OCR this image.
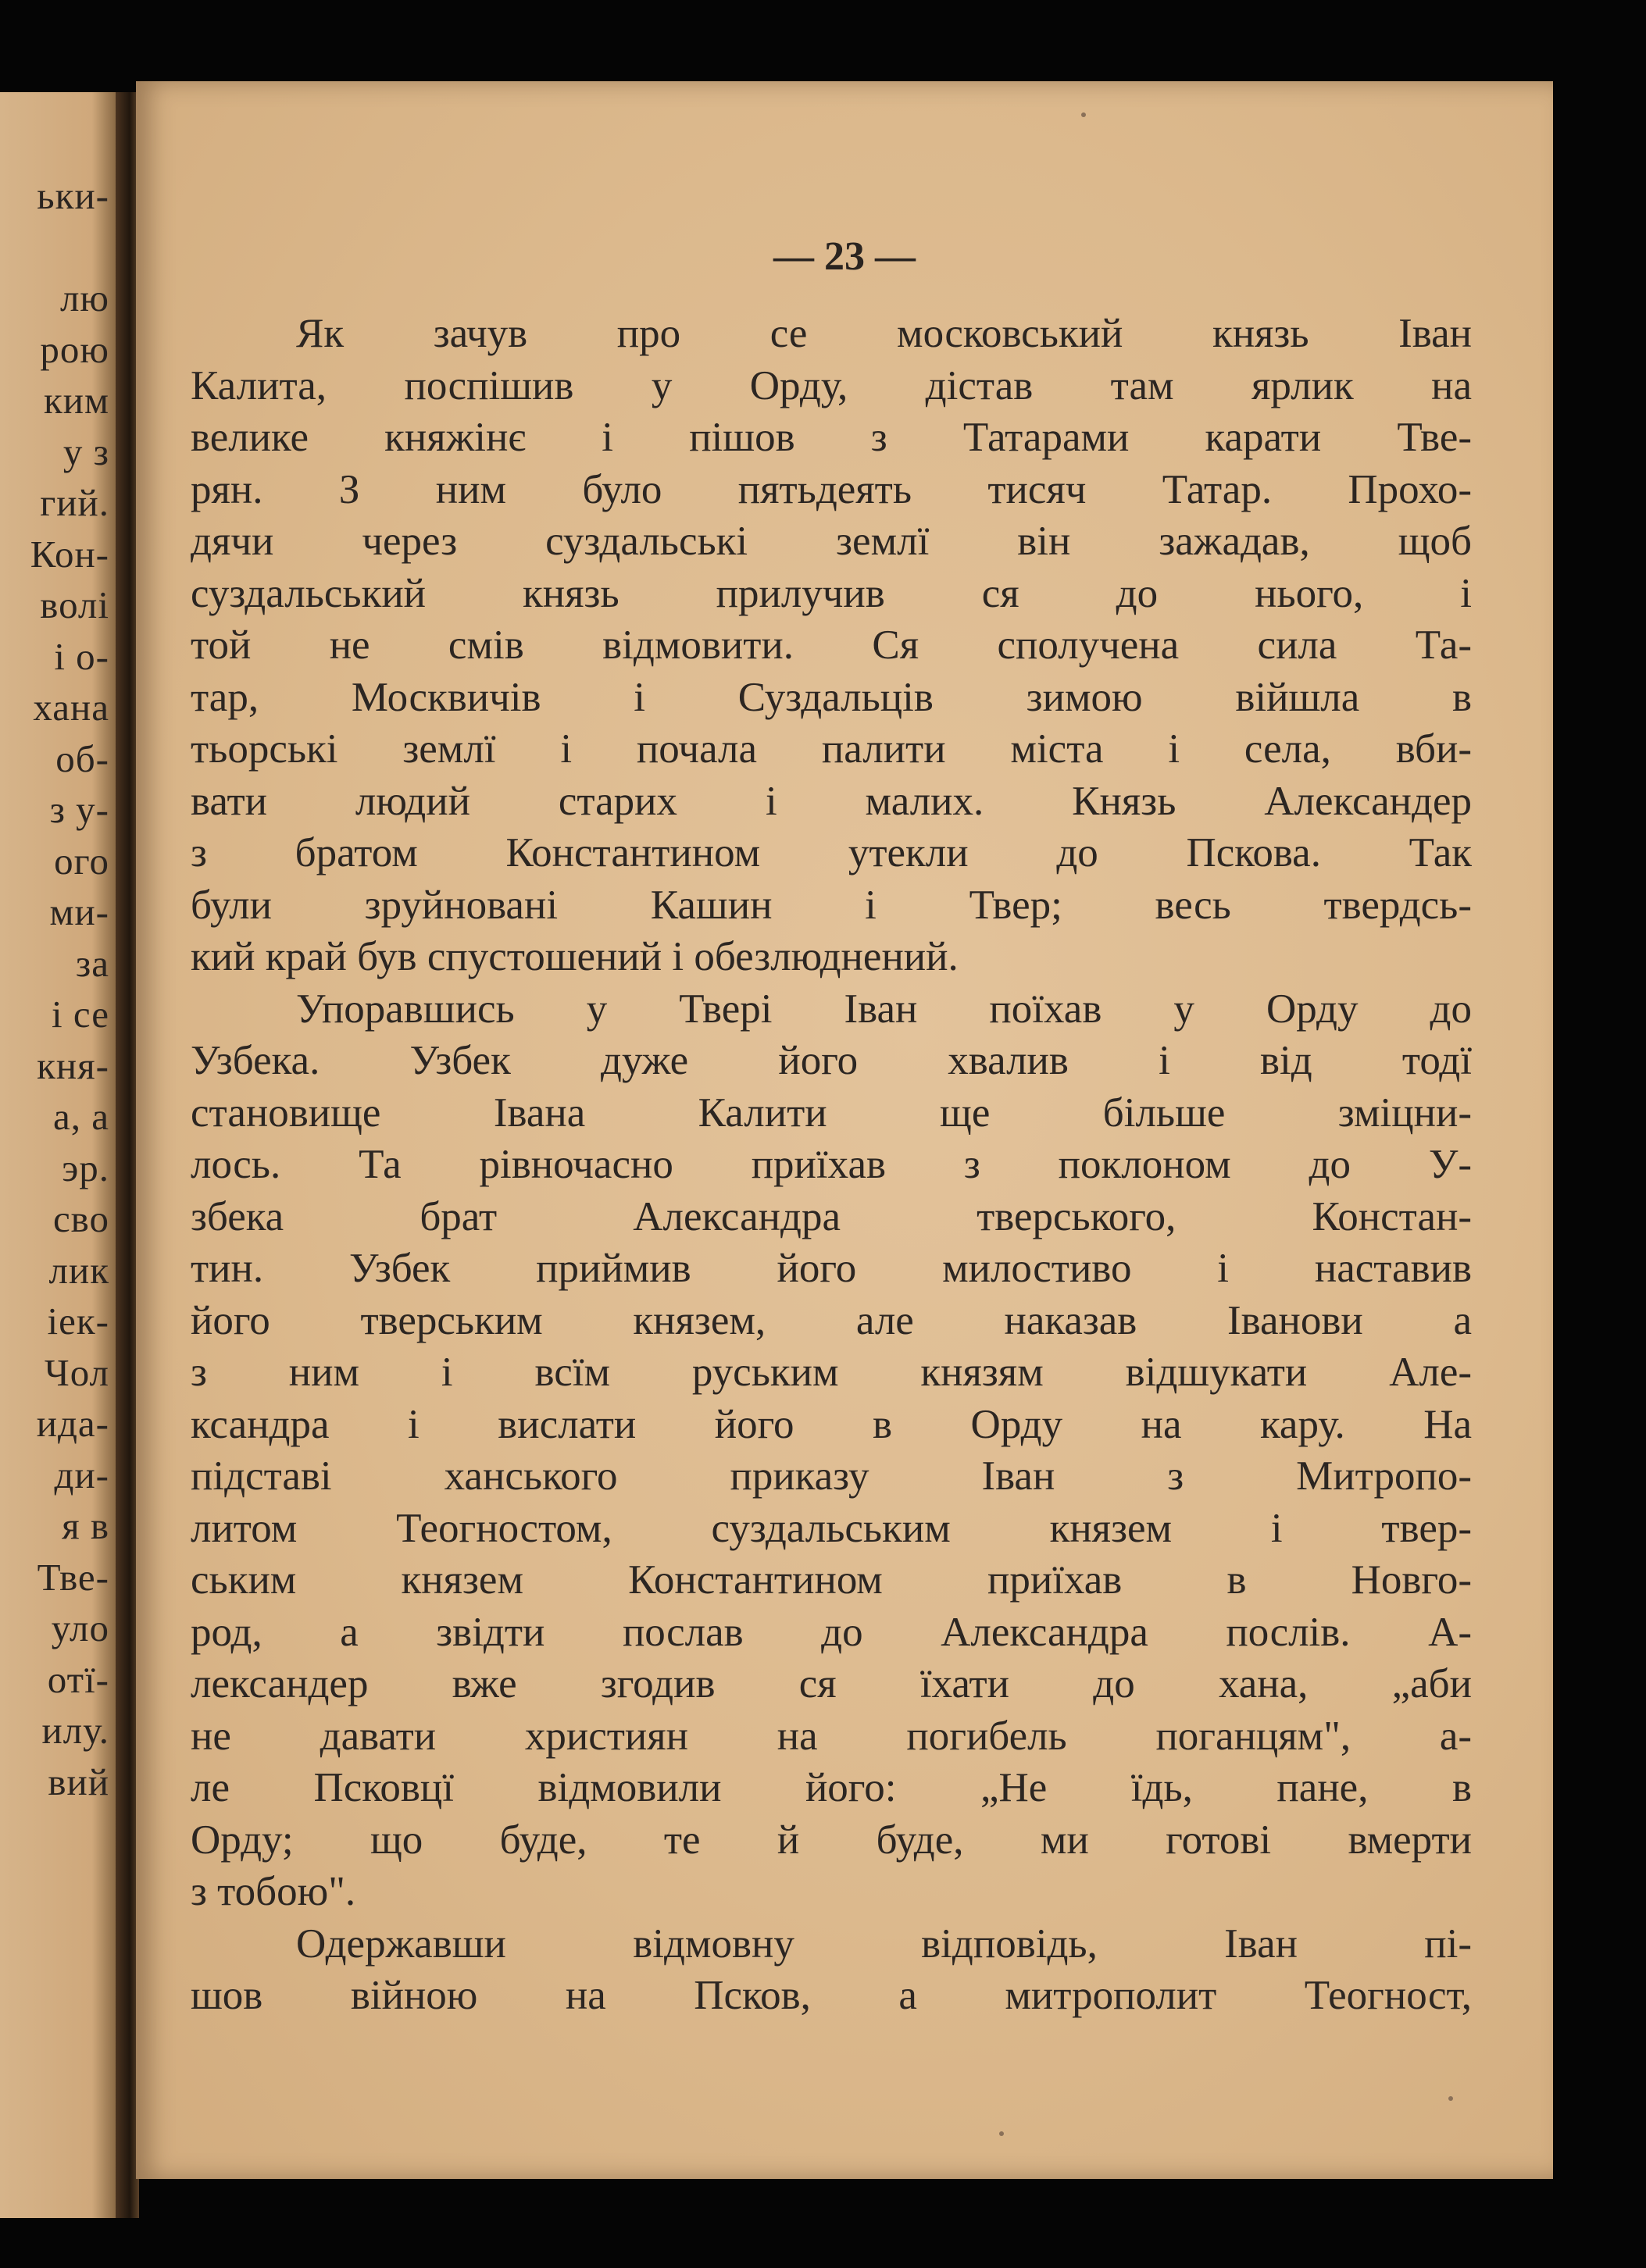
ьки-
лю
рою
ким
у з
гий.
Кон-
волі
і о-
хана
об-
з у-
ого
ми-
за
і се
кня-
а, а
эр.
сво
лик
іек-
Чол
ида-
ди-
я в
Тве-
уло
отї-
илу.
вий
— 23 —
Як зачув про се московський князь Іван
Калита, поспішив у Орду, дістав там ярлик на
велике княжінє і пішов з Татарами карати Тве-
рян. З ним було пятьдеять тисяч Татар. Прохо-
дячи через суздальські землї він зажадав, щоб
суздальський князь прилучив ся до нього, і
той не смів відмовити. Ся сполучена сила Та-
тар, Москвичів і Суздальців зимою війшла в
тьорські землї і почала палити міста і села, вби-
вати людий старих і малих. Князь Александер
з братом Константином утекли до Пскова. Так
були зруйновані Кашин і Твер; весь твердсь-
кий край був спустошений і обезлюднений.
Упоравшись у Твері Іван поїхав у Орду до
Узбека. Узбек дуже його хвалив і від тодї
становище Івана Калити ще більше зміцни-
лось. Та рівночасно приїхав з поклоном до У-
збека брат Александра тверського, Констан-
тин. Узбек приймив його милостиво і наставив
його тверським князем, але наказав Іванови а
з ним і всїм руським князям відшукати Але-
ксандра і вислати його в Орду на кару. На
підставі ханського приказу Іван з Митропо-
литом Теогностом, суздальським князем і твер-
ським князем Константином приїхав в Новго-
род, а звідти послав до Александра послів. А-
лександер вже згодив ся їхати до хана, „аби
не давати християн на погибель поганцям", а-
ле Псковцї відмовили його: „Не їдь, пане, в
Орду; що буде, те й буде, ми готові вмерти
з тобою".
Одержавши відмовну відповідь, Іван пі-
шов війною на Псков, а митрополит Теогност,
